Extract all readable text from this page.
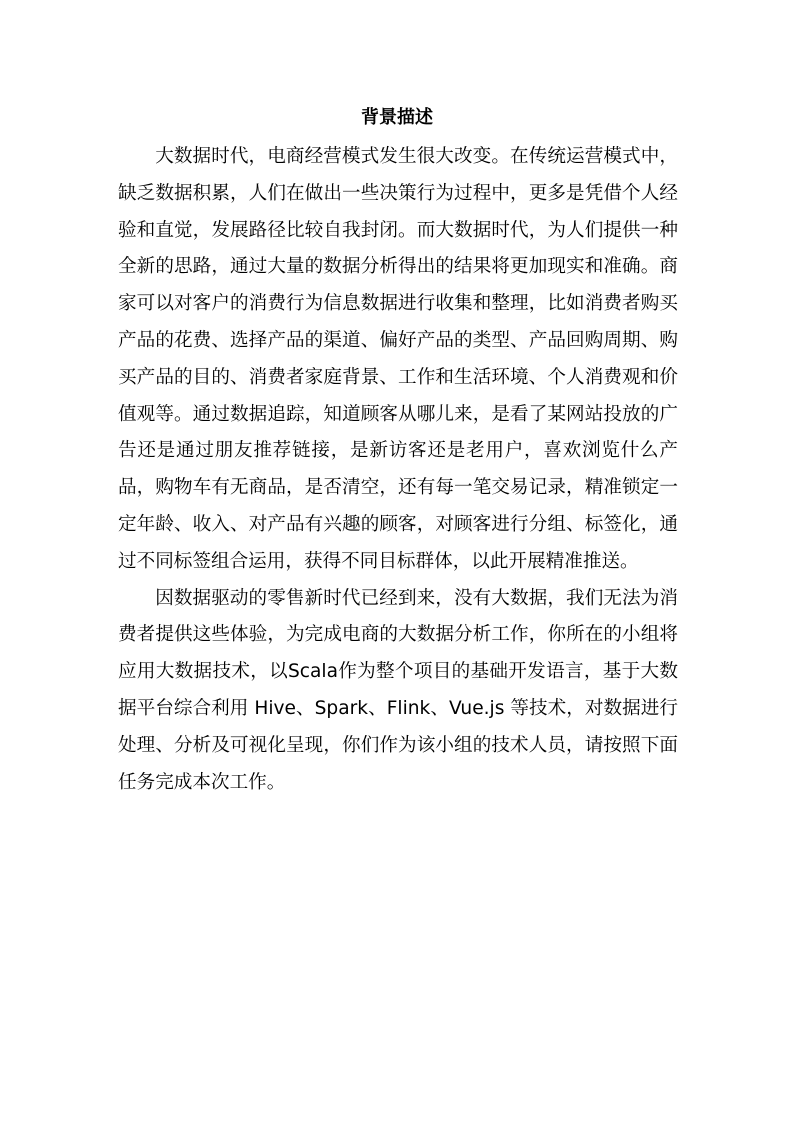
背景描述

大数据时代，电商经营模式发生很大改变。在传统运营模式中，缺乏数据积累，人们在做出一些决策行为过程中，更多是凭借个人经验和直觉，发展路径比较自我封闭。而大数据时代，为人们提供一种全新的思路，通过大量的数据分析得出的结果将更加现实和准确。商家可以对客户的消费行为信息数据进行收集和整理，比如消费者购买产品的花费、选择产品的渠道、偏好产品的类型、产品回购周期、购买产品的目的、消费者家庭背景、工作和生活环境、个人消费观和价值观等。通过数据追踪，知道顾客从哪儿来，是看了某网站投放的广告还是通过朋友推荐链接，是新访客还是老用户，喜欢浏览什么产品，购物车有无商品，是否清空，还有每一笔交易记录，精准锁定一定年龄、收入、对产品有兴趣的顾客，对顾客进行分组、标签化，通过不同标签组合运用，获得不同目标群体，以此开展精准推送。

因数据驱动的零售新时代已经到来，没有大数据，我们无法为消费者提供这些体验，为完成电商的大数据分析工作，你所在的小组将应用大数据技术，以Scala作为整个项目的基础开发语言，基于大数据平台综合利用 Hive、Spark、Flink、Vue.js 等技术，对数据进行处理、分析及可视化呈现，你们作为该小组的技术人员，请按照下面任务完成本次工作。
